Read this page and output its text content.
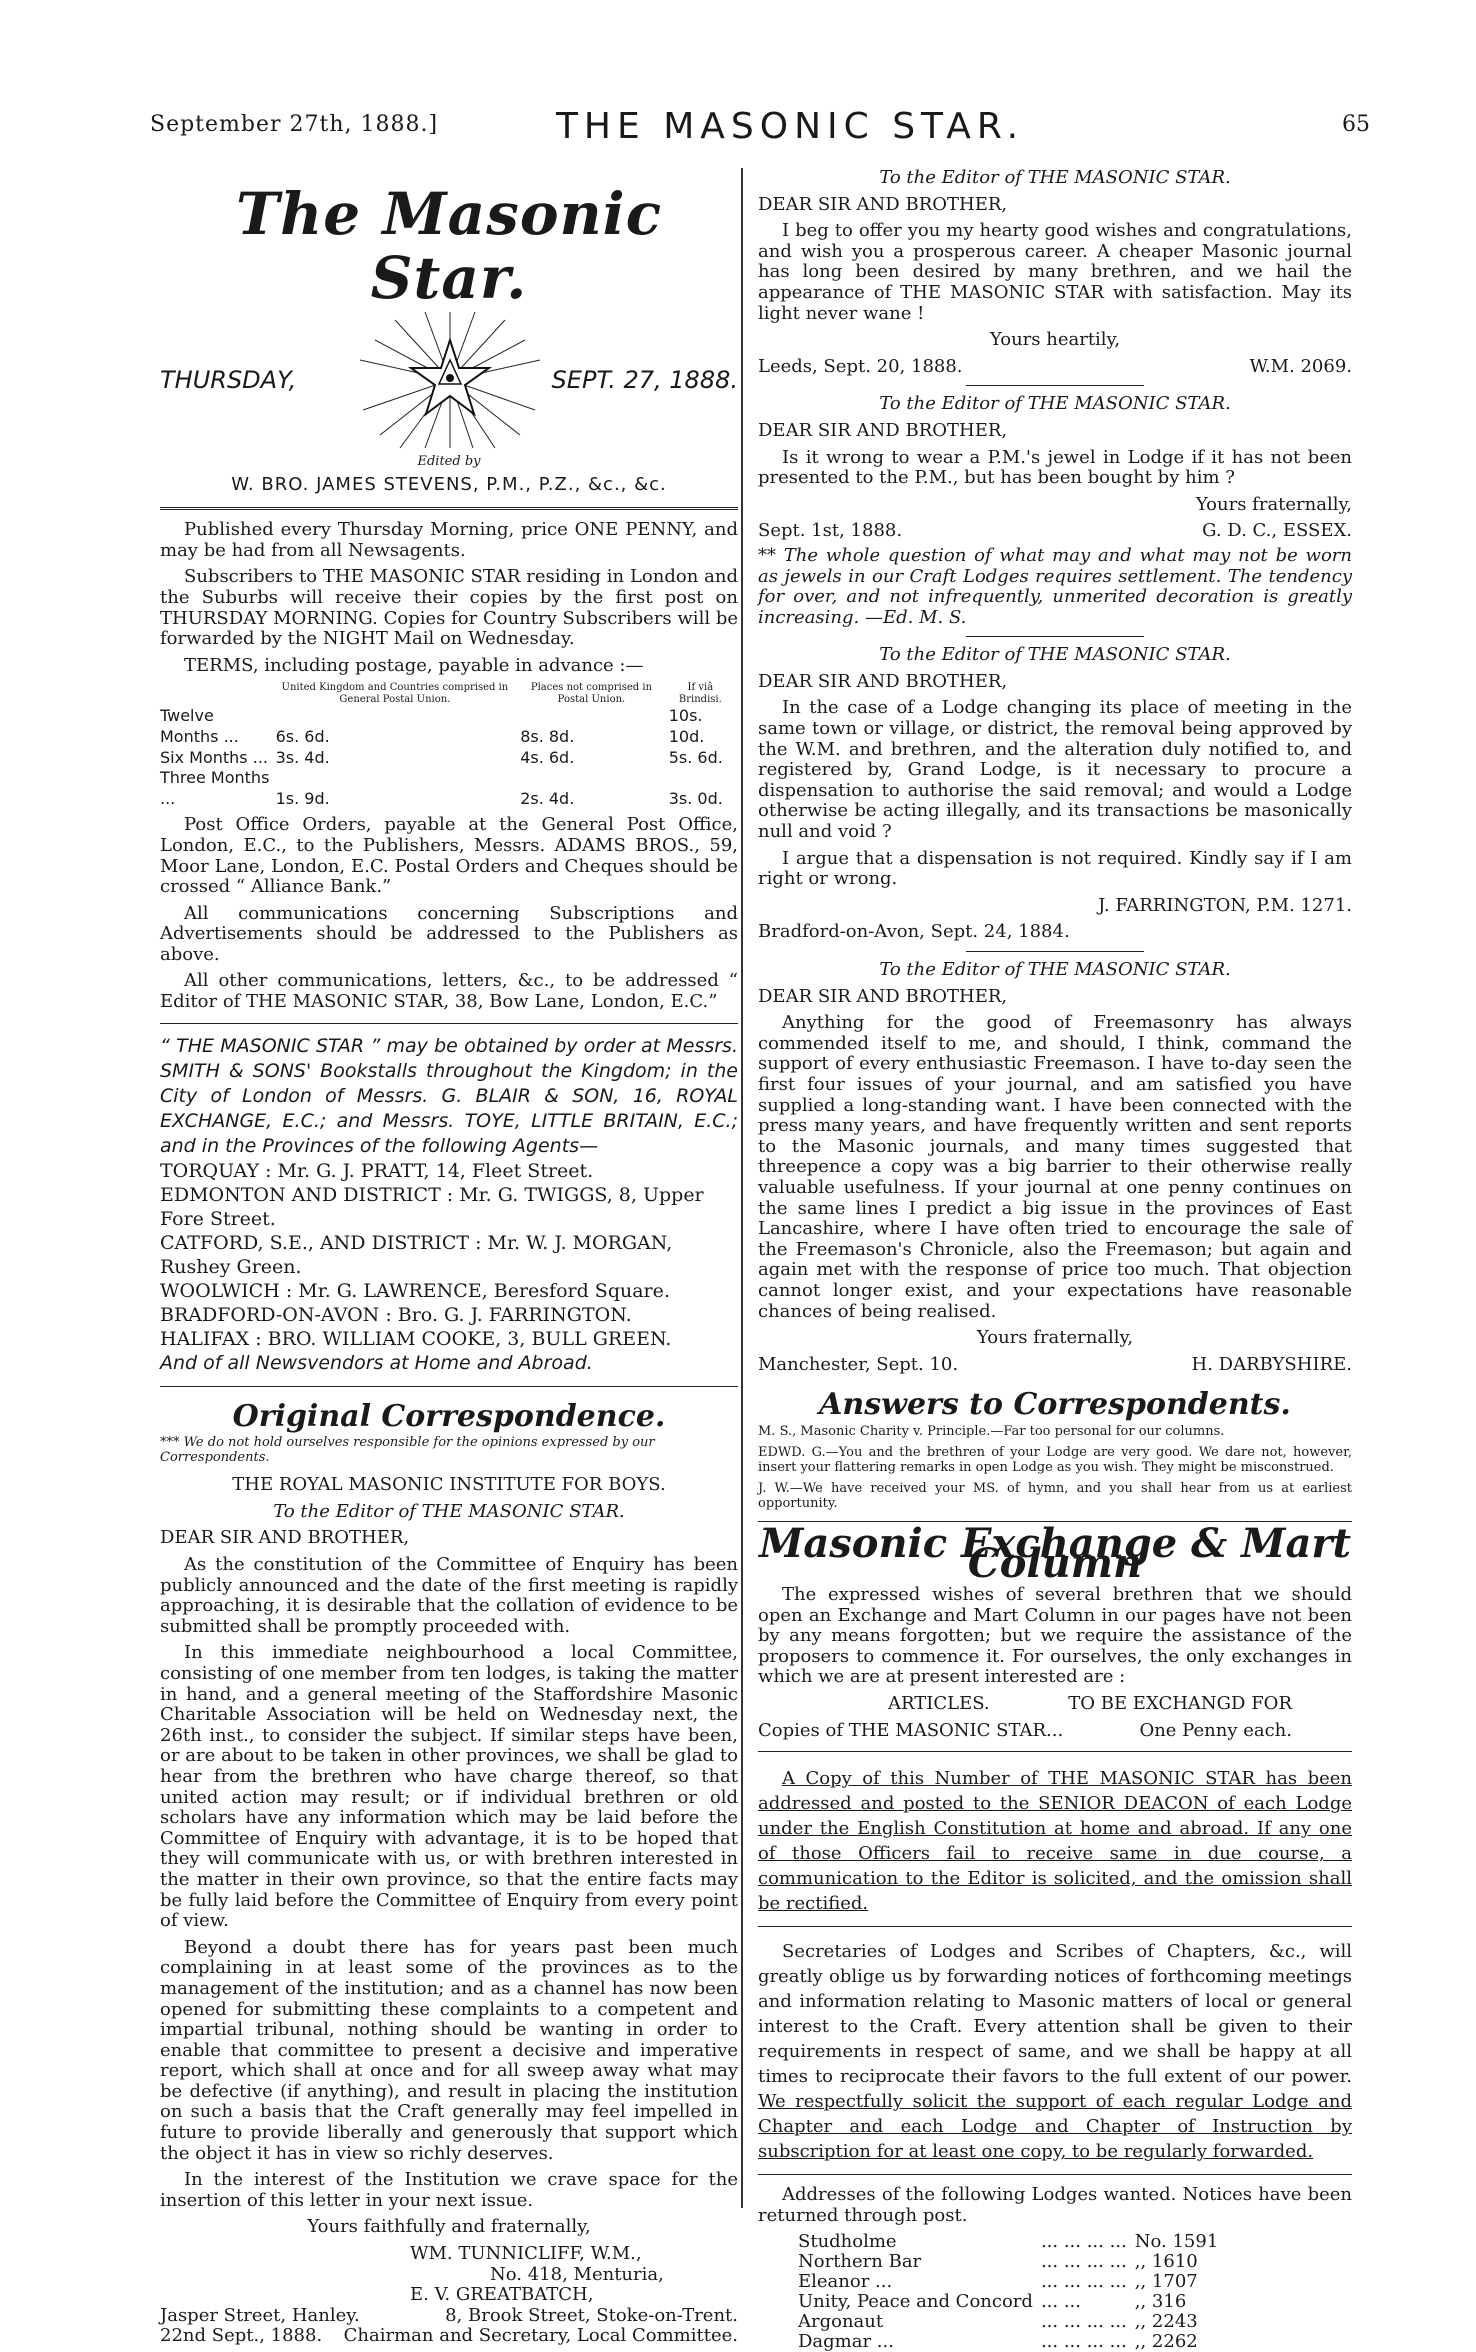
September 27th, 1888.]	THE MASONIC STAR.	65
The Masonic Star.
THURSDAY,	SEPT. 27, 1888.
Edited by
W. BRO. JAMES STEVENS, P.M., P.Z., &c., &c.

Published every Thursday Morning, price ONE PENNY, and may be had from all Newsagents.

Subscribers to THE MASONIC STAR residing in London and the Suburbs will receive their copies by the first post on THURSDAY MORNING. Copies for Country Subscribers will be forwarded by the NIGHT Mail on Wednesday.

TERMS, including postage, payable in advance :—

	United Kingdom and Countries comprised in General Postal Union.	Places not comprised in Postal Union.	If viâ Brindisi.
Twelve Months ...	6s. 6d.	8s. 8d.	10s. 10d.
Six Months ...	3s. 4d.	4s. 6d.	5s. 6d.
Three Months ...	1s. 9d.	2s. 4d.	3s. 0d.

Post Office Orders, payable at the General Post Office, London, E.C., to the Publishers, Messrs. ADAMS BROS., 59, Moor Lane, London, E.C. Postal Orders and Cheques should be crossed “ Alliance Bank.”

All communications concerning Subscriptions and Advertisements should be addressed to the Publishers as above.

All other communications, letters, &c., to be addressed “ Editor of THE MASONIC STAR, 38, Bow Lane, London, E.C.”

“ THE MASONIC STAR ” may be obtained by order at Messrs. SMITH & SONS' Bookstalls throughout the Kingdom; in the City of London of Messrs. G. BLAIR & SON, 16, ROYAL EXCHANGE, E.C.; and Messrs. TOYE, LITTLE BRITAIN, E.C.; and in the Provinces of the following Agents—
TORQUAY : Mr. G. J. PRATT, 14, Fleet Street.
EDMONTON AND DISTRICT : Mr. G. TWIGGS, 8, Upper Fore Street.
CATFORD, S.E., AND DISTRICT : Mr. W. J. MORGAN, Rushey Green.
WOOLWICH : Mr. G. LAWRENCE, Beresford Square.
BRADFORD-ON-AVON : Bro. G. J. FARRINGTON.
HALIFAX : BRO. WILLIAM COOKE, 3, BULL GREEN.
And of all Newsvendors at Home and Abroad.
Original Correspondence.

*** We do not hold ourselves responsible for the opinions expressed by our Correspondents.

THE ROYAL MASONIC INSTITUTE FOR BOYS.

To the Editor of THE MASONIC STAR.

DEAR SIR AND BROTHER,

As the constitution of the Committee of Enquiry has been publicly announced and the date of the first meeting is rapidly approaching, it is desirable that the collation of evidence to be submitted shall be promptly proceeded with.

In this immediate neighbourhood a local Committee, consisting of one member from ten lodges, is taking the matter in hand, and a general meeting of the Staffordshire Masonic Charitable Association will be held on Wednesday next, the 26th inst., to consider the subject. If similar steps have been, or are about to be taken in other provinces, we shall be glad to hear from the brethren who have charge thereof, so that united action may result; or if individual brethren or old scholars have any information which may be laid before the Committee of Enquiry with advantage, it is to be hoped that they will communicate with us, or with brethren interested in the matter in their own province, so that the entire facts may be fully laid before the Committee of Enquiry from every point of view.

Beyond a doubt there has for years past been much complaining in at least some of the provinces as to the management of the institution; and as a channel has now been opened for submitting these complaints to a competent and impartial tribunal, nothing should be wanting in order to enable that committee to present a decisive and imperative report, which shall at once and for all sweep away what may be defective (if anything), and result in placing the institution on such a basis that the Craft generally may feel impelled in future to provide liberally and generously that support which the object it has in view so richly deserves.

In the interest of the Institution we crave space for the insertion of this letter in your next issue.

Yours faithfully and fraternally,

WM. TUNNICLIFF, W.M.,
No. 418, Menturia,
E. V. GREATBATCH,
Jasper Street, Hanley.	8, Brook Street, Stoke-on-Trent.
22nd Sept., 1888. Chairman and Secretary, Local Committee.

To the Editor of THE MASONIC STAR.

DEAR SIR AND BROTHER,

I beg to offer you my hearty good wishes and congratulations, and wish you a prosperous career. A cheaper Masonic journal has long been desired by many brethren, and we hail the appearance of THE MASONIC STAR with satisfaction. May its light never wane !

Yours heartily,

Leeds, Sept. 20, 1888.	W.M. 2069.

To the Editor of THE MASONIC STAR.

DEAR SIR AND BROTHER,

Is it wrong to wear a P.M.'s jewel in Lodge if it has not been presented to the P.M., but has been bought by him ?

Yours fraternally,

Sept. 1st, 1888.	G. D. C., ESSEX.

** The whole question of what may and what may not be worn as jewels in our Craft Lodges requires settlement. The tendency for over, and not infrequently, unmerited decoration is greatly increasing. —Ed. M. S.

To the Editor of THE MASONIC STAR.

DEAR SIR AND BROTHER,

In the case of a Lodge changing its place of meeting in the same town or village, or district, the removal being approved by the W.M. and brethren, and the alteration duly notified to, and registered by, Grand Lodge, is it necessary to procure a dispensation to authorise the said removal; and would a Lodge otherwise be acting illegally, and its transactions be masonically null and void ?

I argue that a dispensation is not required. Kindly say if I am right or wrong.

J. FARRINGTON, P.M. 1271.

Bradford-on-Avon, Sept. 24, 1884.

To the Editor of THE MASONIC STAR.

DEAR SIR AND BROTHER,

Anything for the good of Freemasonry has always commended itself to me, and should, I think, command the support of every enthusiastic Freemason. I have to-day seen the first four issues of your journal, and am satisfied you have supplied a long-standing want. I have been connected with the press many years, and have frequently written and sent reports to the Masonic journals, and many times suggested that threepence a copy was a big barrier to their otherwise really valuable usefulness. If your journal at one penny continues on the same lines I predict a big issue in the provinces of East Lancashire, where I have often tried to encourage the sale of the Freemason's Chronicle, also the Freemason; but again and again met with the response of price too much. That objection cannot longer exist, and your expectations have reasonable chances of being realised.

Yours fraternally,

Manchester, Sept. 10.	H. DARBYSHIRE.
Answers to Correspondents.

M. S., Masonic Charity v. Principle.—Far too personal for our columns.

EDWD. G.—You and the brethren of your Lodge are very good. We dare not, however, insert your flattering remarks in open Lodge as you wish. They might be misconstrued.

J. W.—We have received your MS. of hymn, and you shall hear from us at earliest opportunity.

Masonic Exchange & Mart Column

The expressed wishes of several brethren that we should open an Exchange and Mart Column in our pages have not been by any means forgotten; but we require the assistance of the proposers to commence it. For ourselves, the only exchanges in which we are at present interested are :

ARTICLES.	TO BE EXCHANGD FOR
Copies of THE MASONIC STAR...	One Penny each.

A Copy of this Number of THE MASONIC STAR has been addressed and posted to the SENIOR DEACON of each Lodge under the English Constitution at home and abroad. If any one of those Officers fail to receive same in due course, a communication to the Editor is solicited, and the omission shall be rectified.

Secretaries of Lodges and Scribes of Chapters, &c., will greatly oblige us by forwarding notices of forthcoming meetings and information relating to Masonic matters of local or general interest to the Craft. Every attention shall be given to their requirements in respect of same, and we shall be happy at all times to reciprocate their favors to the full extent of our power. We respectfully solicit the support of each regular Lodge and Chapter and each Lodge and Chapter of Instruction by subscription for at least one copy, to be regularly forwarded.

Addresses of the following Lodges wanted. Notices have been returned through post.

Studholme	... ... ... ...	No. 1591
Northern Bar	... ... ... ...	,, 1610
Eleanor ...	... ... ... ...	,, 1707
Unity, Peace and Concord	... ...	,, 316
Argonaut	... ... ... ...	,, 2243
Dagmar ...	... ... ... ...	,, 2262
